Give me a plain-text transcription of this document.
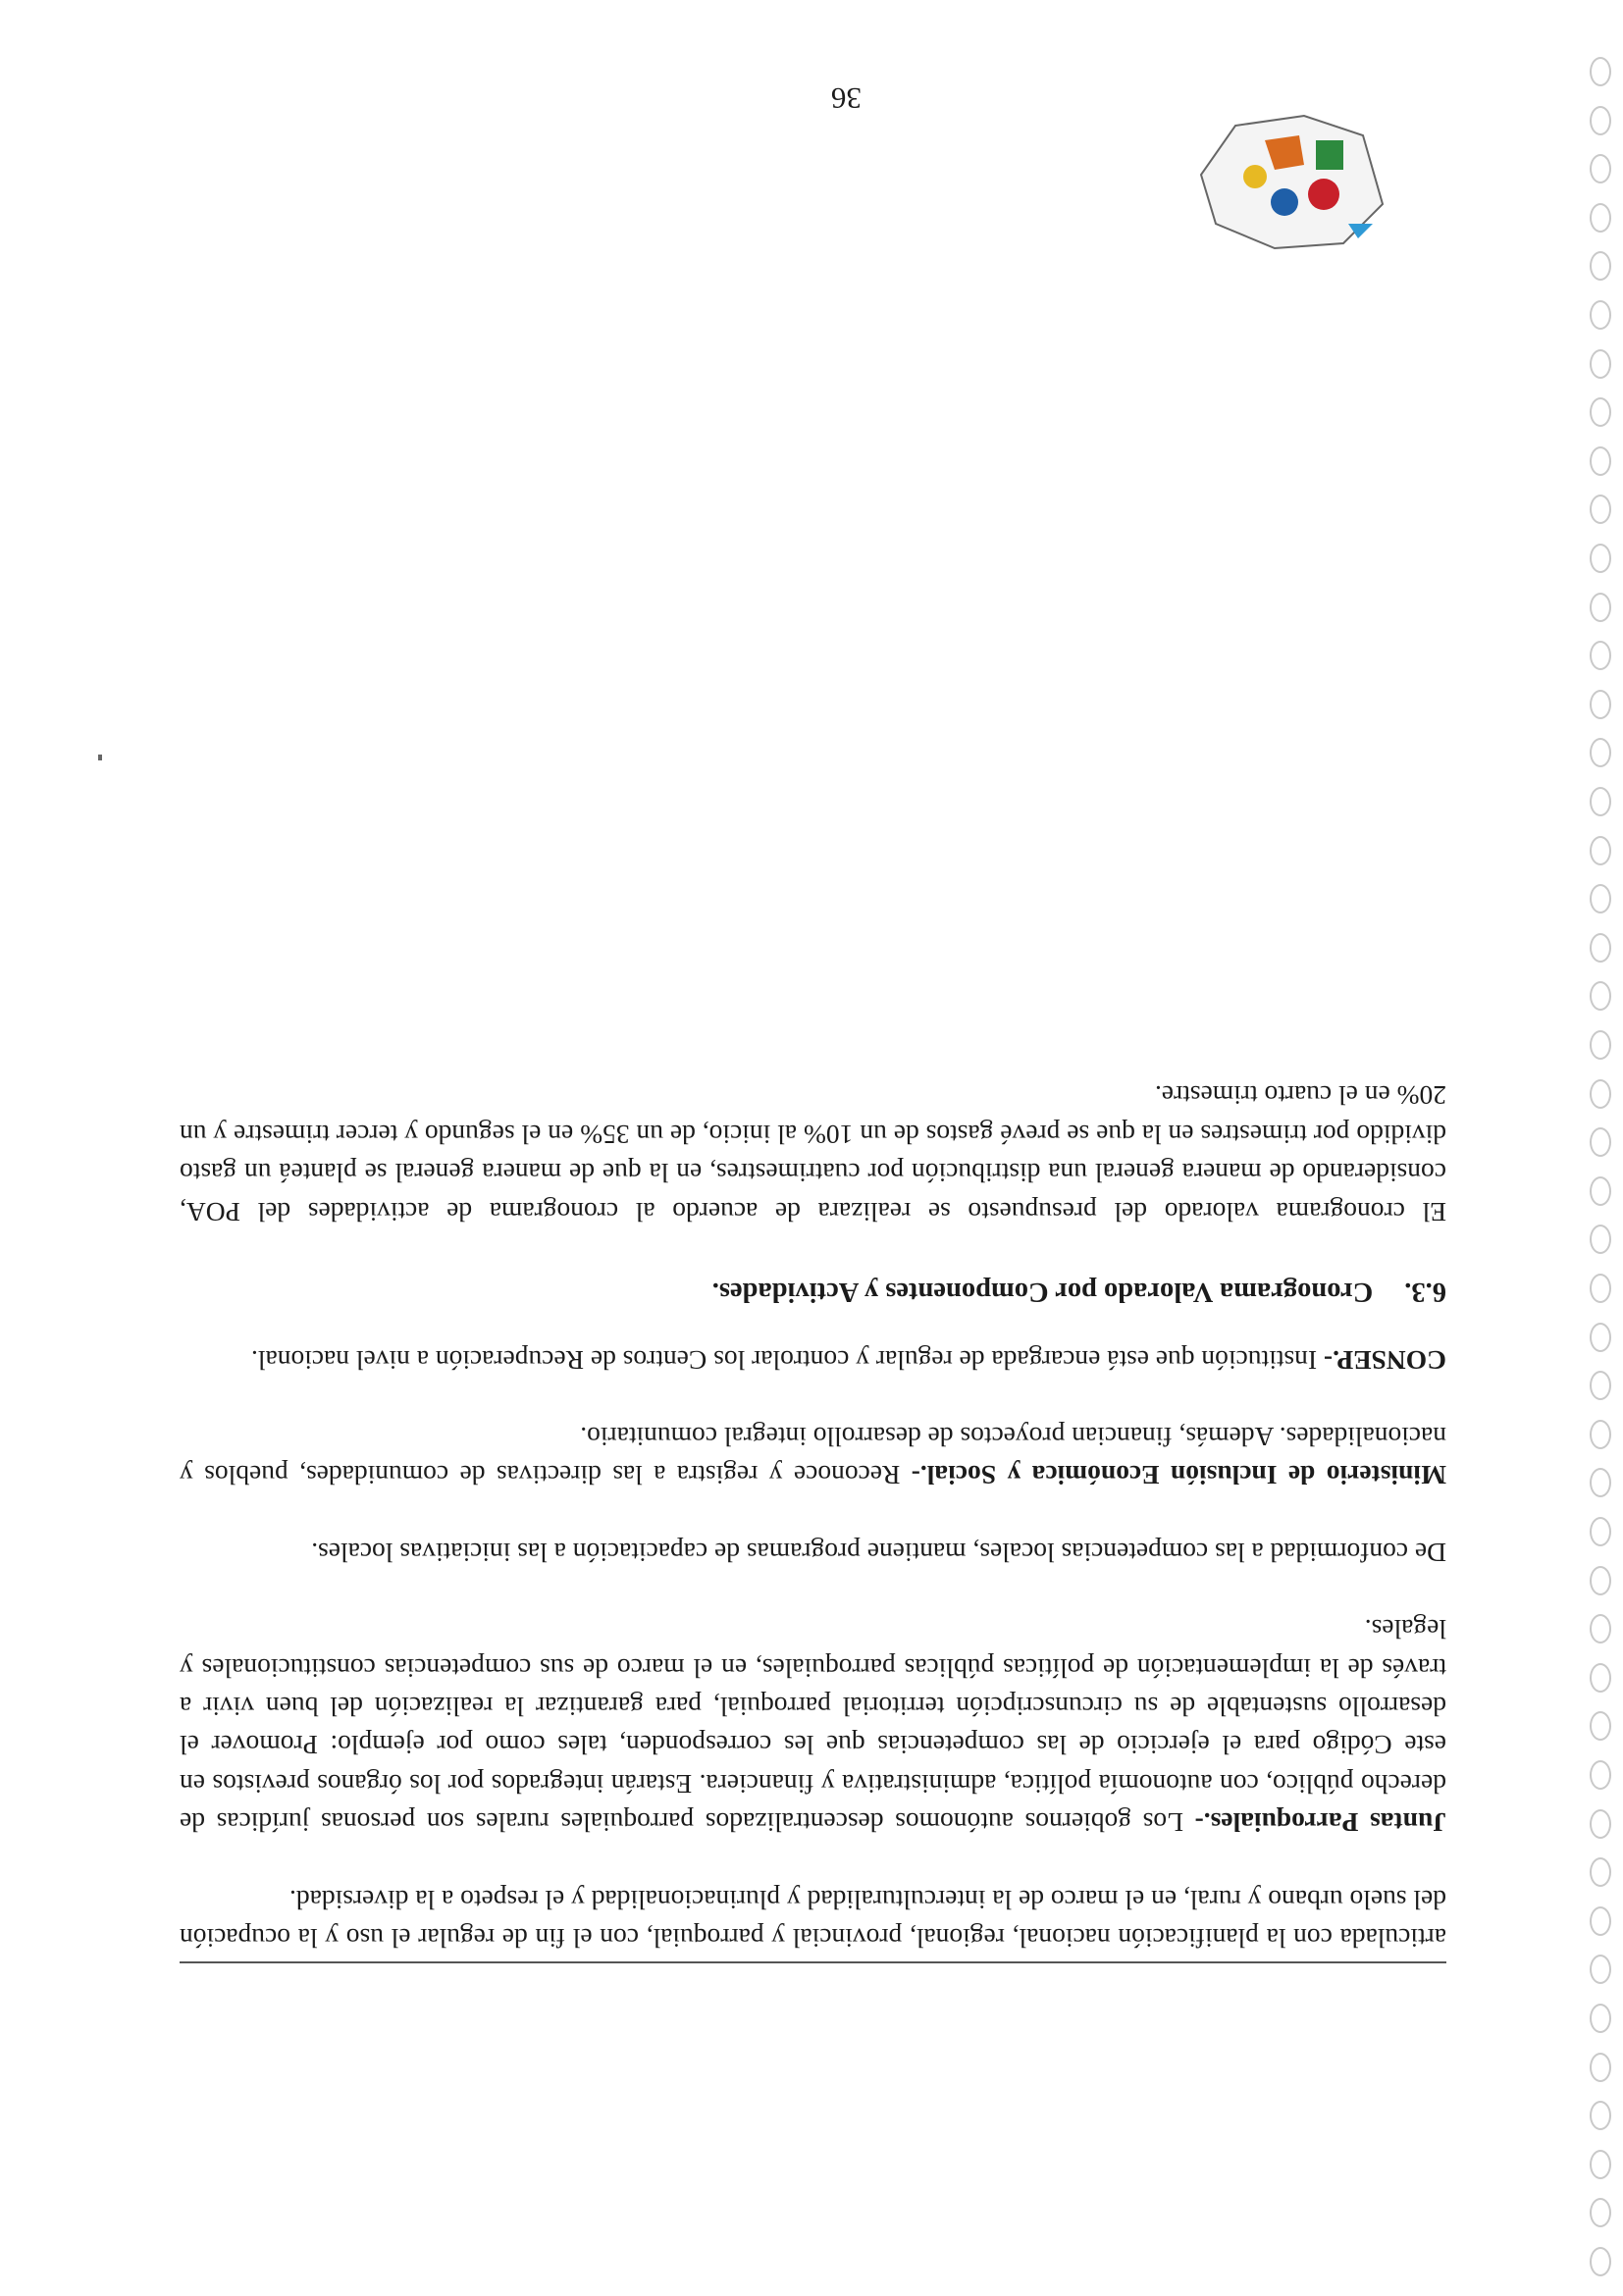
articulada con la planificación nacional, regional, provincial y parroquial, con el fin de regular el uso y la ocupación del suelo urbano y rural, en el marco de la interculturalidad y plurinacionalidad y el respeto a la diversidad.

Juntas Parroquiales.- Los gobiernos autónomos descentralizados parroquiales rurales son personas jurídicas de derecho público, con autonomía política, administrativa y financiera. Estarán integrados por los órganos previstos en este Código para el ejercicio de las competencias que les corresponden, tales como por ejemplo: Promover el desarrollo sustentable de su circunscripción territorial parroquial, para garantizar la realización del buen vivir a través de la implementación de políticas públicas parroquiales, en el marco de sus competencias constitucionales y legales.

De conformidad a las competencias locales, mantiene programas de capacitación a las iniciativas locales.

Ministerio de Inclusión Económica y Social.- Reconoce y registra a las directivas de comunidades, pueblos y nacionalidades. Además, financian proyectos de desarrollo integral comunitario.

CONSEP.- Institución que está encargada de regular y controlar los Centros de Recuperación a nivel nacional.

6.3.
Cronograma Valorado por Componentes y Actividades.

El cronograma valorado del presupuesto se realizara de acuerdo al cronograma de actividades del POA, considerando de manera general una distribución por cuatrimestres, en la que de manera general se planteá un gasto dividido por trimestres en la que se prevé gastos de un 10% al inicio, de un 35% en el segundo y tercer trimestre y un 20% en el cuarto trimestre.

36
